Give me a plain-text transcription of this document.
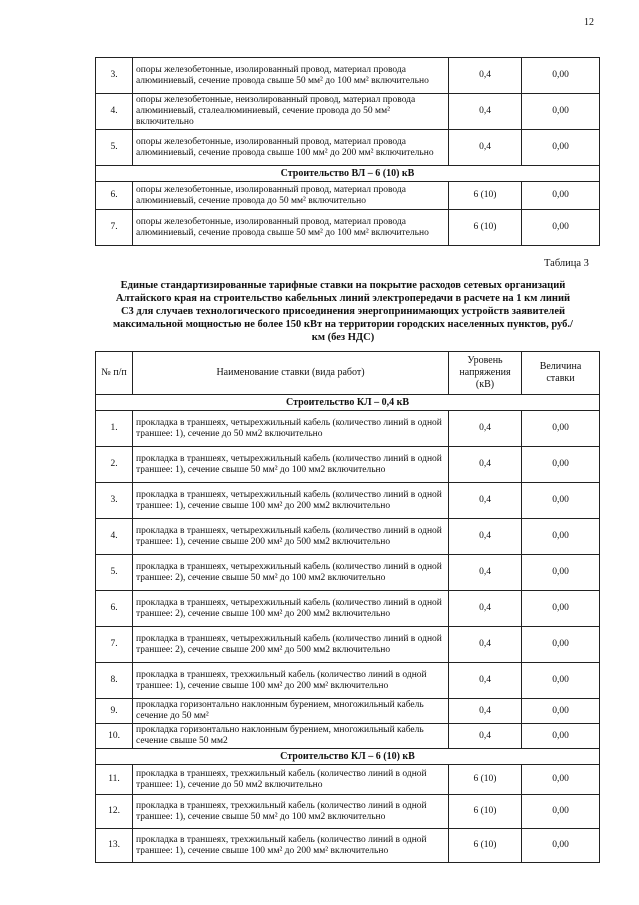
12
3.	опоры железобетонные, изолированный провод, материал провода алюминиевый, сечение провода свыше 50 мм² до 100 мм² включительно	0,4	0,00
4.	опоры железобетонные, неизолированный провод, материал провода алюминиевый, сталеалюминиевый, сечение провода до 50 мм² включительно	0,4	0,00
5.	опоры железобетонные, изолированный провод, материал провода алюминиевый, сечение провода свыше 100 мм² до 200 мм² включительно	0,4	0,00
Строительство ВЛ – 6 (10) кВ			
6.	опоры железобетонные, изолированный провод, материал провода алюминиевый, сечение провода до 50 мм² включительно	6 (10)	0,00
7.	опоры железобетонные, изолированный провод, материал провода алюминиевый, сечение провода свыше 50 мм² до 100 мм² включительно	6 (10)	0,00
Таблица 3

Единые стандартизированные тарифные ставки на покрытие расходов сетевых организаций Алтайского края на строительство кабельных линий электропередачи в расчете на 1 км линий С3 для случаев технологического присоединения энергопринимающих устройств заявителей максимальной мощностью не более 150 кВт на территории городских населенных пунктов, руб./км (без НДС)

№ п/п	Наименование ставки (вида работ)	Уровень напряжения (кВ)	Величина ставки
Строительство КЛ – 0,4 кВ			
1.	прокладка в траншеях, четырехжильный кабель (количество линий в одной траншее: 1), сечение до 50 мм2 включительно	0,4	0,00
2.	прокладка в траншеях, четырехжильный кабель (количество линий в одной траншее: 1), сечение свыше 50 мм² до 100 мм2 включительно	0,4	0,00
3.	прокладка в траншеях, четырехжильный кабель (количество линий в одной траншее: 1), сечение свыше 100 мм² до 200 мм2 включительно	0,4	0,00
4.	прокладка в траншеях, четырехжильный кабель (количество линий в одной траншее: 1), сечение свыше 200 мм² до 500 мм2 включительно	0,4	0,00
5.	прокладка в траншеях, четырехжильный кабель (количество линий в одной траншее: 2), сечение свыше 50 мм² до 100 мм2 включительно	0,4	0,00
6.	прокладка в траншеях, четырехжильный кабель (количество линий в одной траншее: 2), сечение свыше 100 мм² до 200 мм2 включительно	0,4	0,00
7.	прокладка в траншеях, четырехжильный кабель (количество линий в одной траншее: 2), сечение свыше 200 мм² до 500 мм2 включительно	0,4	0,00
8.	прокладка в траншеях, трехжильный кабель (количество линий в одной траншее: 1), сечение свыше 100 мм² до 200 мм² включительно	0,4	0,00
9.	прокладка горизонтально наклонным бурением, многожильный кабель сечение до 50 мм²	0,4	0,00
10.	прокладка горизонтально наклонным бурением, многожильный кабель сечение свыше 50 мм2	0,4	0,00
Строительство КЛ – 6 (10) кВ			
11.	прокладка в траншеях, трехжильный кабель (количество линий в одной траншее: 1), сечение до 50 мм2 включительно	6 (10)	0,00
12.	прокладка в траншеях, трехжильный кабель (количество линий в одной траншее: 1), сечение свыше 50 мм² до 100 мм2 включительно	6 (10)	0,00
13.	прокладка в траншеях, трехжильный кабель (количество линий в одной траншее: 1), сечение свыше 100 мм² до 200 мм² включительно	6 (10)	0,00
